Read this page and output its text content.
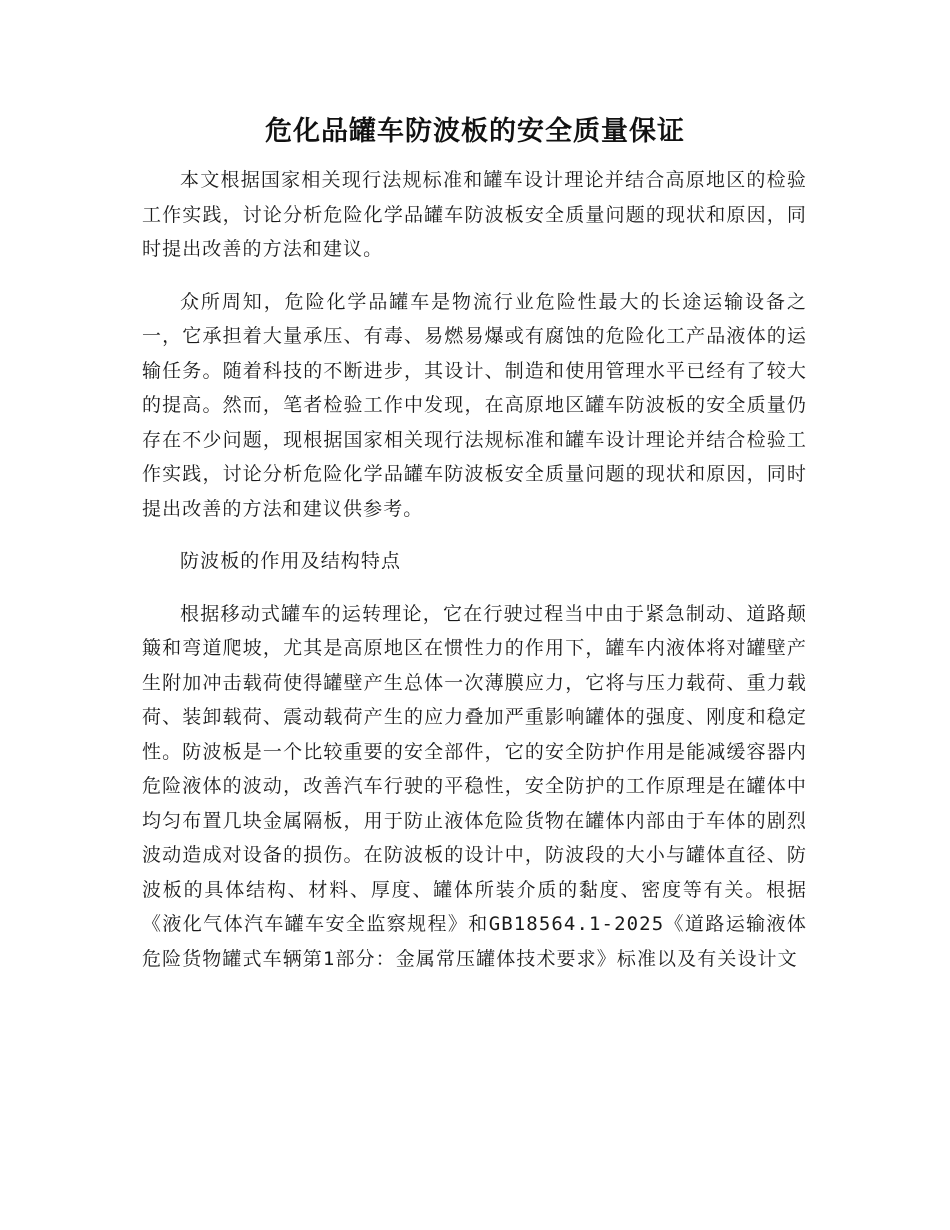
危化品罐车防波板的安全质量保证

本文根据国家相关现行法规标准和罐车设计理论并结合高原地区的检验工作实践，讨论分析危险化学品罐车防波板安全质量问题的现状和原因，同时提出改善的方法和建议。

众所周知，危险化学品罐车是物流行业危险性最大的长途运输设备之一，它承担着大量承压、有毒、易燃易爆或有腐蚀的危险化工产品液体的运输任务。随着科技的不断进步，其设计、制造和使用管理水平已经有了较大的提高。然而，笔者检验工作中发现，在高原地区罐车防波板的安全质量仍存在不少问题，现根据国家相关现行法规标准和罐车设计理论并结合检验工作实践，讨论分析危险化学品罐车防波板安全质量问题的现状和原因，同时提出改善的方法和建议供参考。

防波板的作用及结构特点

根据移动式罐车的运转理论，它在行驶过程当中由于紧急制动、道路颠簸和弯道爬坡，尤其是高原地区在惯性力的作用下，罐车内液体将对罐壁产生附加冲击载荷使得罐壁产生总体一次薄膜应力，它将与压力载荷、重力载荷、装卸载荷、震动载荷产生的应力叠加严重影响罐体的强度、刚度和稳定性。防波板是一个比较重要的安全部件，它的安全防护作用是能减缓容器内危险液体的波动，改善汽车行驶的平稳性，安全防护的工作原理是在罐体中均匀布置几块金属隔板，用于防止液体危险货物在罐体内部由于车体的剧烈波动造成对设备的损伤。在防波板的设计中，防波段的大小与罐体直径、防波板的具体结构、材料、厚度、罐体所装介质的黏度、密度等有关。根据《液化气体汽车罐车安全监察规程》和GB18564.1-2025《道路运输液体危险货物罐式车辆第1部分：金属常压罐体技术要求》标准以及有关设计文
